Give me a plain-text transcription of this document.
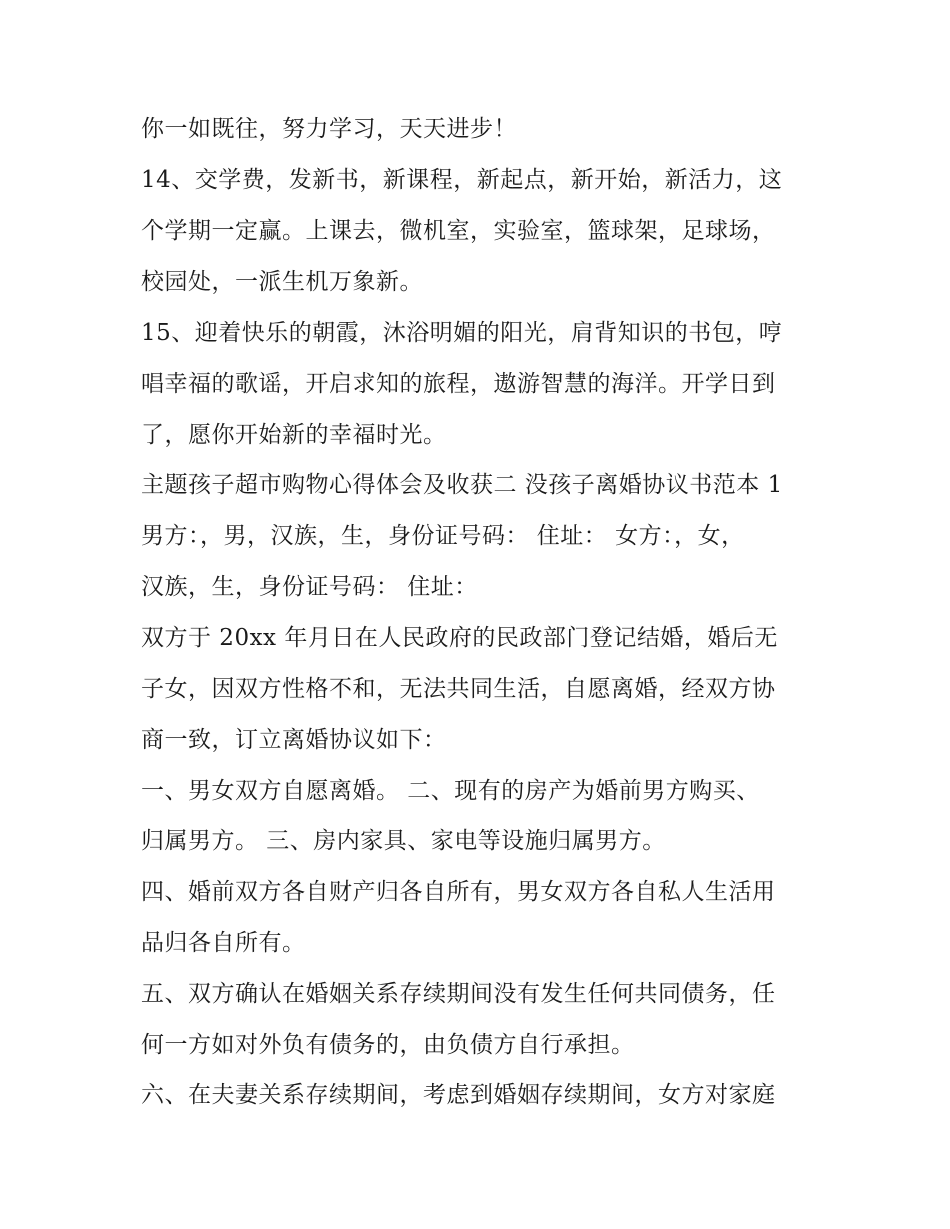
你一如既往，努力学习，天天进步！
14、交学费，发新书，新课程，新起点，新开始，新活力，这
个学期一定赢。上课去，微机室，实验室，篮球架，足球场，
校园处，一派生机万象新。
15、迎着快乐的朝霞，沐浴明媚的阳光，肩背知识的书包，哼
唱幸福的歌谣，开启求知的旅程，遨游智慧的海洋。开学日到
了，愿你开始新的幸福时光。
主题孩子超市购物心得体会及收获二 没孩子离婚协议书范本 1
男方：，男，汉族，生，身份证号码： 住址： 女方：，女，
汉族，生，身份证号码： 住址：
双方于 20xx 年月日在人民政府的民政部门登记结婚，婚后无
子女，因双方性格不和，无法共同生活，自愿离婚，经双方协
商一致，订立离婚协议如下：
一、男女双方自愿离婚。 二、现有的房产为婚前男方购买、
归属男方。 三、房内家具、家电等设施归属男方。
四、婚前双方各自财产归各自所有，男女双方各自私人生活用
品归各自所有。
五、双方确认在婚姻关系存续期间没有发生任何共同债务，任
何一方如对外负有债务的，由负债方自行承担。
六、在夫妻关系存续期间，考虑到婚姻存续期间，女方对家庭
